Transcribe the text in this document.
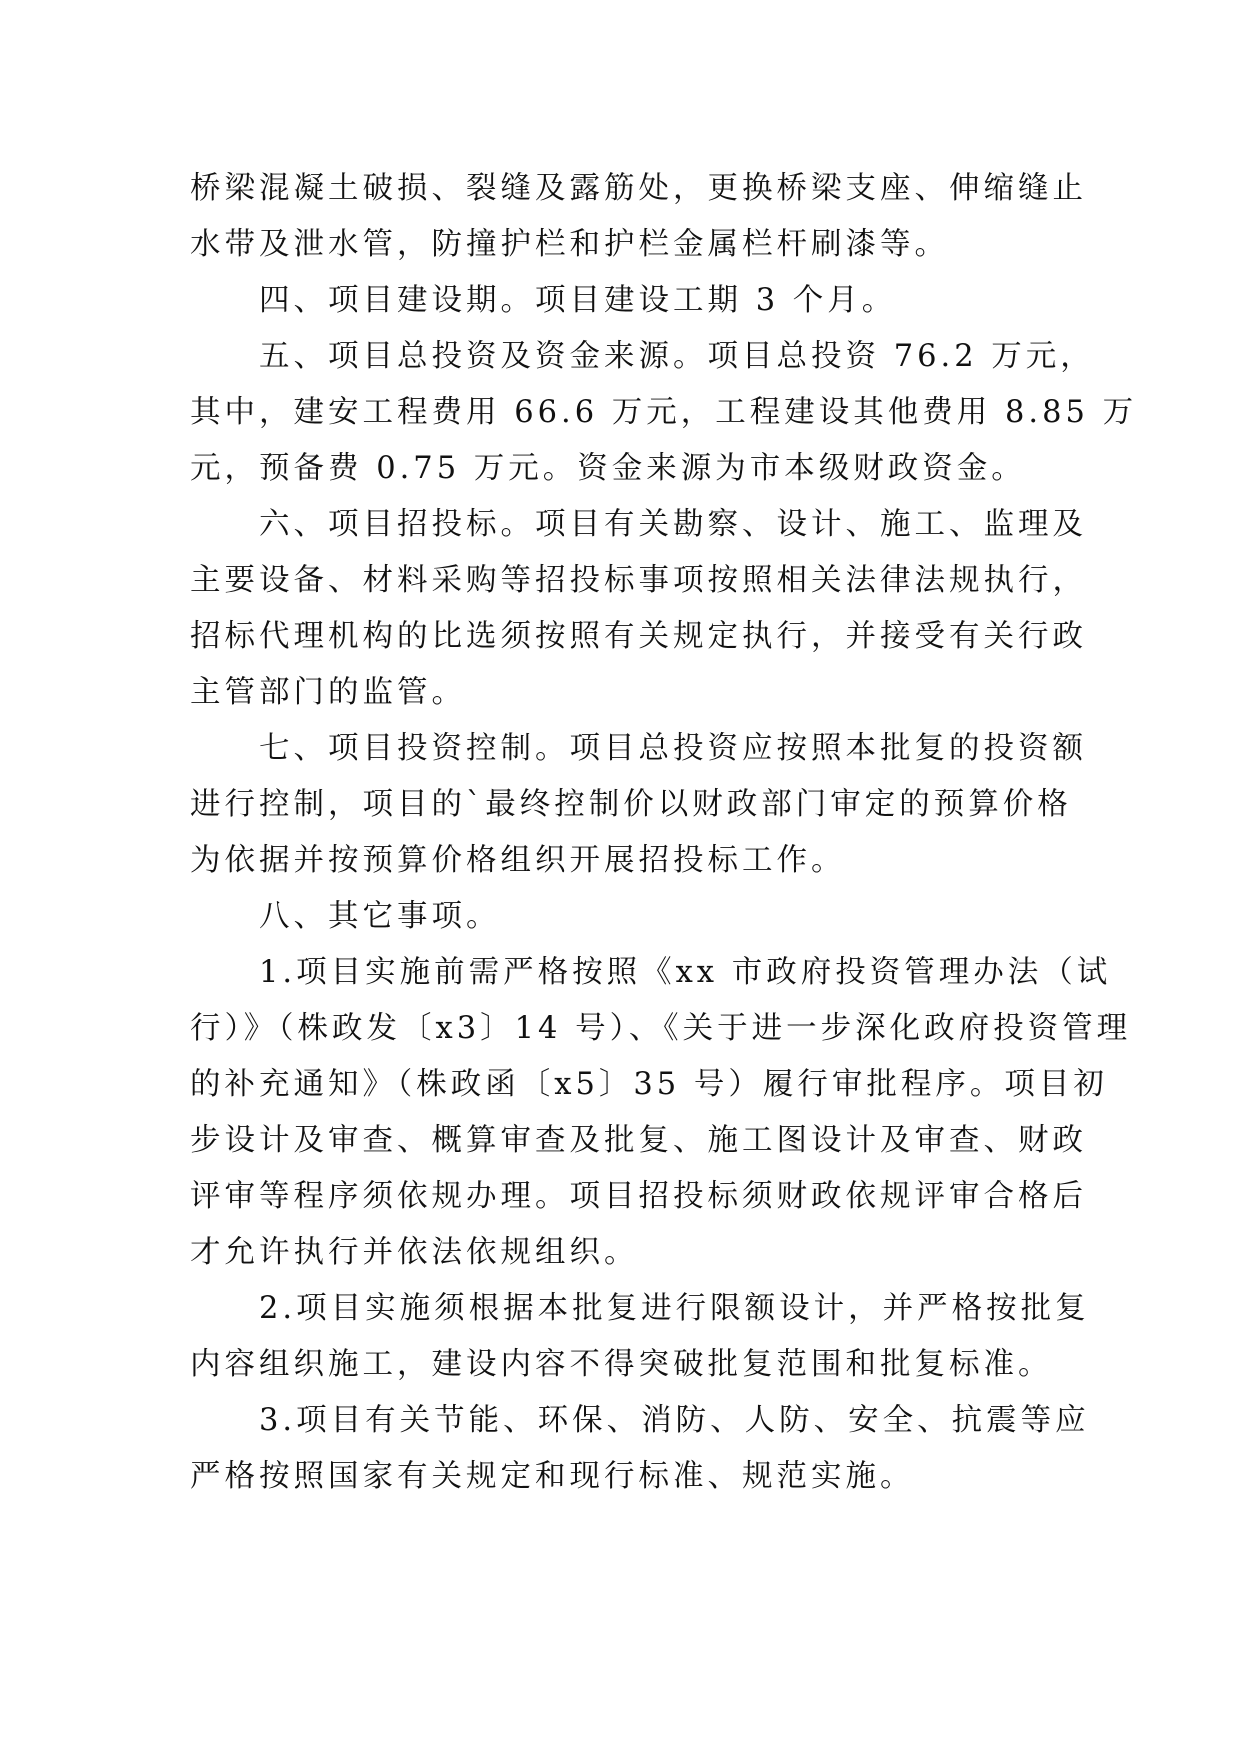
桥梁混凝土破损、裂缝及露筋处，更换桥梁支座、伸缩缝止
水带及泄水管，防撞护栏和护栏金属栏杆刷漆等。

　　四、项目建设期。项目建设工期 3 个月。

　　五、项目总投资及资金来源。项目总投资 76.2 万元，
其中，建安工程费用 66.6 万元，工程建设其他费用 8.85 万
元，预备费 0.75 万元。资金来源为市本级财政资金。

　　六、项目招投标。项目有关勘察、设计、施工、监理及
主要设备、材料采购等招投标事项按照相关法律法规执行，
招标代理机构的比选须按照有关规定执行，并接受有关行政
主管部门的监管。

　　七、项目投资控制。项目总投资应按照本批复的投资额
进行控制，项目的`最终控制价以财政部门审定的预算价格
为依据并按预算价格组织开展招投标工作。

　　八、其它事项。

　　1.项目实施前需严格按照《xx 市政府投资管理办法（试
行）》（株政发〔x3〕14 号）、《关于进一步深化政府投资管理
的补充通知》（株政函〔x5〕35 号）履行审批程序。项目初
步设计及审查、概算审查及批复、施工图设计及审查、财政
评审等程序须依规办理。项目招投标须财政依规评审合格后
才允许执行并依法依规组织。

　　2.项目实施须根据本批复进行限额设计，并严格按批复
内容组织施工，建设内容不得突破批复范围和批复标准。

　　3.项目有关节能、环保、消防、人防、安全、抗震等应
严格按照国家有关规定和现行标准、规范实施。
